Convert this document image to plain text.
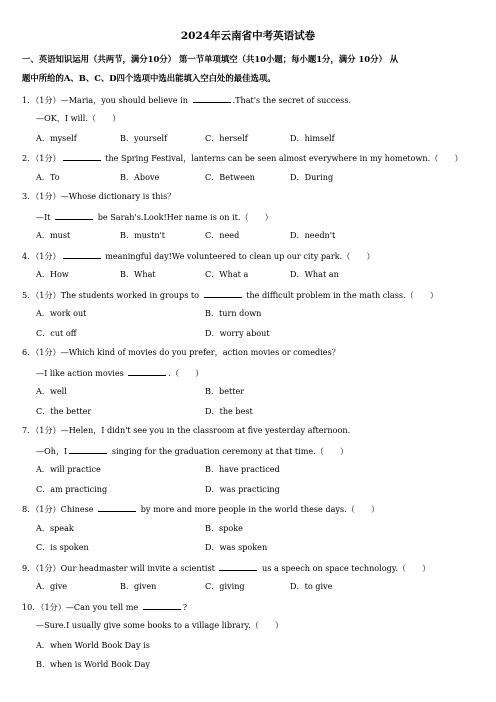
2024年云南省中考英语试卷
一、英语知识运用（共两节，满分10分） 第一节单项填空（共10小题；每小题1分，满分 10分） 从
题中所给的A、B、C、D四个选项中选出能填入空白处的最佳选项。
1．（1分）—Maria，you should believe in	.That's the secret of success.
—OK，I will.（　　）
A．myself	B．yourself	C．herself	D．himself
2．（1分）	the Spring Festival，lanterns can be seen almost everywhere in my hometown.（　　）
A．To	B．Above	C．Between	D．During
3．（1分）—Whose dictionary is this？
—It	be Sarah's.Look!Her name is on it.（　　）
A．must	B．mustn't	C．need	D．needn't
4．（1分）	meaningful day!We volunteered to clean up our city park.（　　）
A．How	B．What	C．What a	D．What an
5．（1分）The students worked in groups to	the difficult problem in the math class.（　　）
A．work out	B．turn down
C．cut off	D．worry about
6．（1分）—Which kind of movies do you prefer，action movies or comedies？
—I like action movies	.（　　）
A．well	B．better
C．the better	D．the best
7．（1分）—Helen，I didn't see you in the classroom at five yesterday afternoon.
—Oh，I	singing for the graduation ceremony at that time.（　　）
A．will practice	B．have practiced
C．am practicing	D．was practicing
8．（1分）Chinese	by more and more people in the world these days.（　　）
A．speak	B．spoke
C．is spoken	D．was spoken
9．（1分）Our headmaster will invite a scientist	us a speech on space technology.（　　）
A．give	B．given	C．giving	D．to give
10．（1分）—Can you tell me	?
—Sure.I usually give some books to a village library.（　　）
A．when World Book Day is
B．when is World Book Day
